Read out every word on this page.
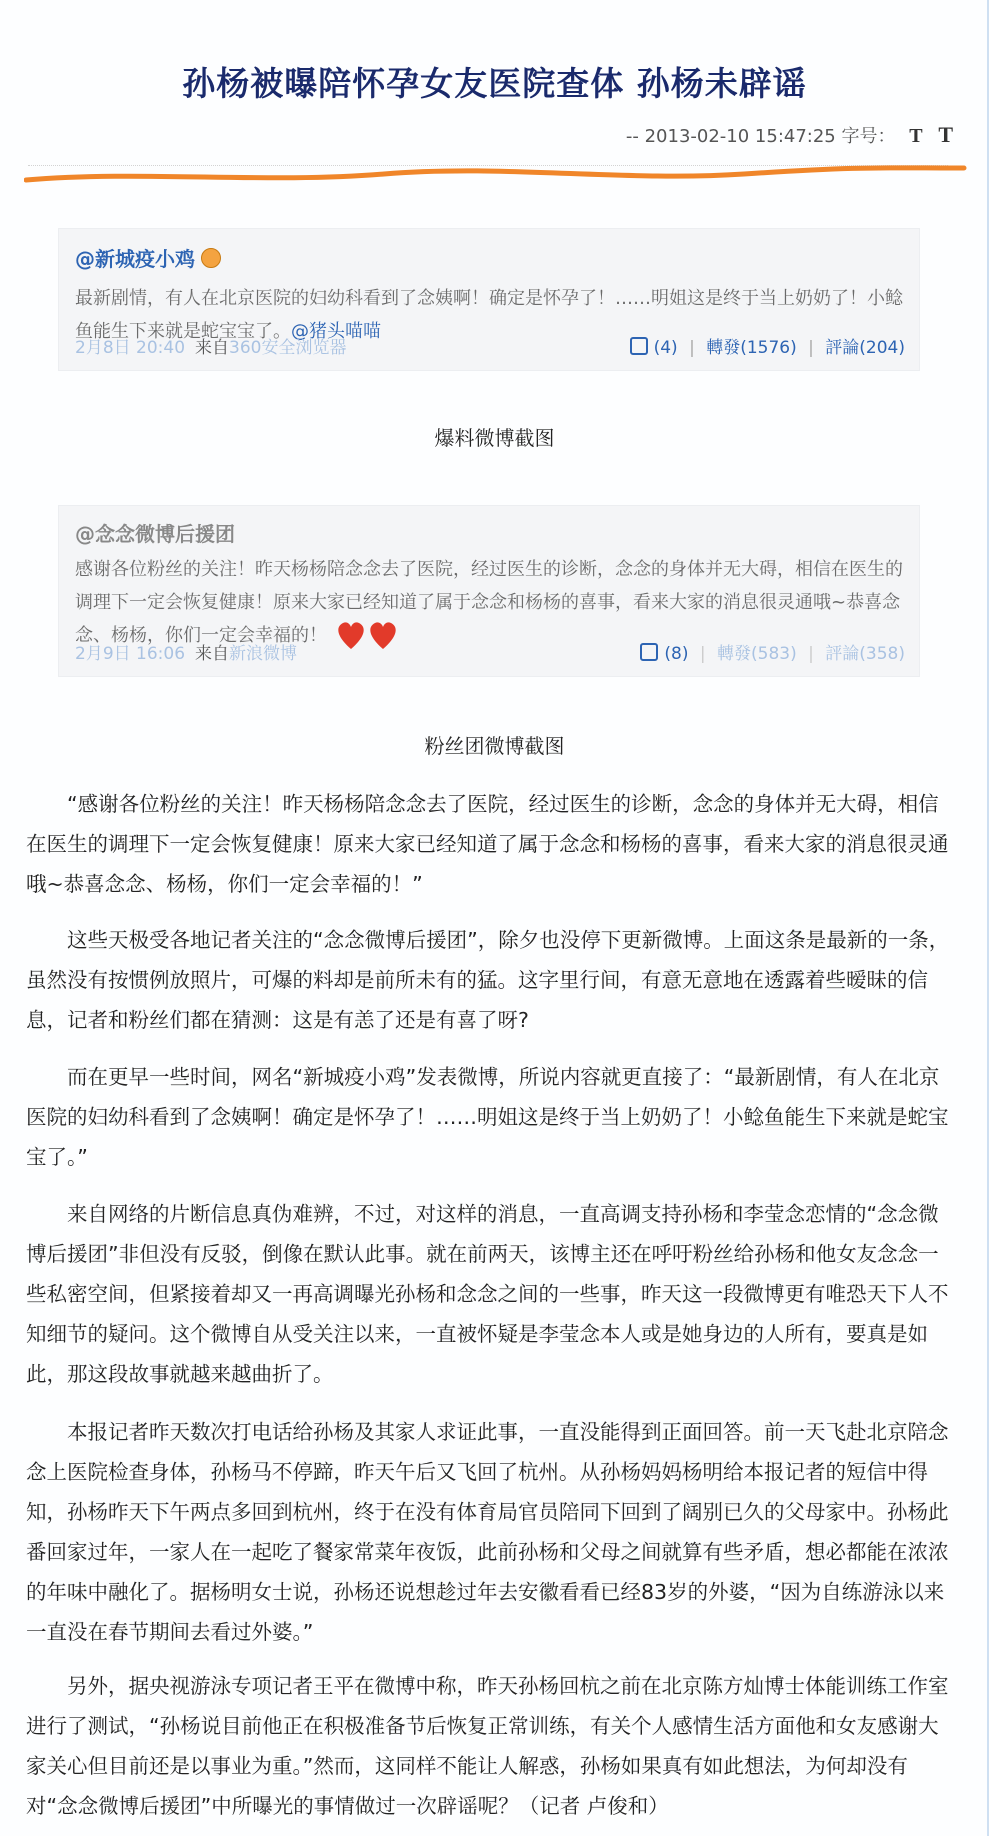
孙杨被曝陪怀孕女友医院查体 孙杨未辟谣
-- 2013-02-10 15:47:25 字号： T T
@新城疫小鸡
最新剧情，有人在北京医院的妇幼科看到了念姨啊！确定是怀孕了！……明姐这是终于当上奶奶了！小鲶鱼能生下来就是蛇宝宝了。@猪头喵喵
2月8日 20:40 来自360安全浏览器	(4) | 轉發(1576) | 評論(204)
爆料微博截图
@念念微博后援团
感谢各位粉丝的关注！昨天杨杨陪念念去了医院，经过医生的诊断，念念的身体并无大碍，相信在医生的调理下一定会恢复健康！原来大家已经知道了属于念念和杨杨的喜事，看来大家的消息很灵通哦~恭喜念念、杨杨，你们一定会幸福的！
2月9日 16:06 来自新浪微博	(8) | 轉發(583) | 評論(358)
粉丝团微博截图

“感谢各位粉丝的关注！昨天杨杨陪念念去了医院，经过医生的诊断，念念的身体并无大碍，相信在医生的调理下一定会恢复健康！原来大家已经知道了属于念念和杨杨的喜事，看来大家的消息很灵通哦~恭喜念念、杨杨，你们一定会幸福的！”

这些天极受各地记者关注的“念念微博后援团”，除夕也没停下更新微博。上面这条是最新的一条，虽然没有按惯例放照片，可爆的料却是前所未有的猛。这字里行间，有意无意地在透露着些暧昧的信息，记者和粉丝们都在猜测：这是有恙了还是有喜了呀?

而在更早一些时间，网名“新城疫小鸡”发表微博，所说内容就更直接了：“最新剧情，有人在北京医院的妇幼科看到了念姨啊！确定是怀孕了！……明姐这是终于当上奶奶了！小鲶鱼能生下来就是蛇宝宝了。”

来自网络的片断信息真伪难辨，不过，对这样的消息，一直高调支持孙杨和李莹念恋情的“念念微博后援团”非但没有反驳，倒像在默认此事。就在前两天，该博主还在呼吁粉丝给孙杨和他女友念念一些私密空间，但紧接着却又一再高调曝光孙杨和念念之间的一些事，昨天这一段微博更有唯恐天下人不知细节的疑问。这个微博自从受关注以来，一直被怀疑是李莹念本人或是她身边的人所有，要真是如此，那这段故事就越来越曲折了。

本报记者昨天数次打电话给孙杨及其家人求证此事，一直没能得到正面回答。前一天飞赴北京陪念念上医院检查身体，孙杨马不停蹄，昨天午后又飞回了杭州。从孙杨妈妈杨明给本报记者的短信中得知，孙杨昨天下午两点多回到杭州，终于在没有体育局官员陪同下回到了阔别已久的父母家中。孙杨此番回家过年，一家人在一起吃了餐家常菜年夜饭，此前孙杨和父母之间就算有些矛盾，想必都能在浓浓的年味中融化了。据杨明女士说，孙杨还说想趁过年去安徽看看已经83岁的外婆，“因为自练游泳以来一直没在春节期间去看过外婆。”

另外，据央视游泳专项记者王平在微博中称，昨天孙杨回杭之前在北京陈方灿博士体能训练工作室进行了测试，“孙杨说目前他正在积极准备节后恢复正常训练，有关个人感情生活方面他和女友感谢大家关心但目前还是以事业为重。”然而，这同样不能让人解惑，孙杨如果真有如此想法，为何却没有对“念念微博后援团”中所曝光的事情做过一次辟谣呢？（记者 卢俊和）
